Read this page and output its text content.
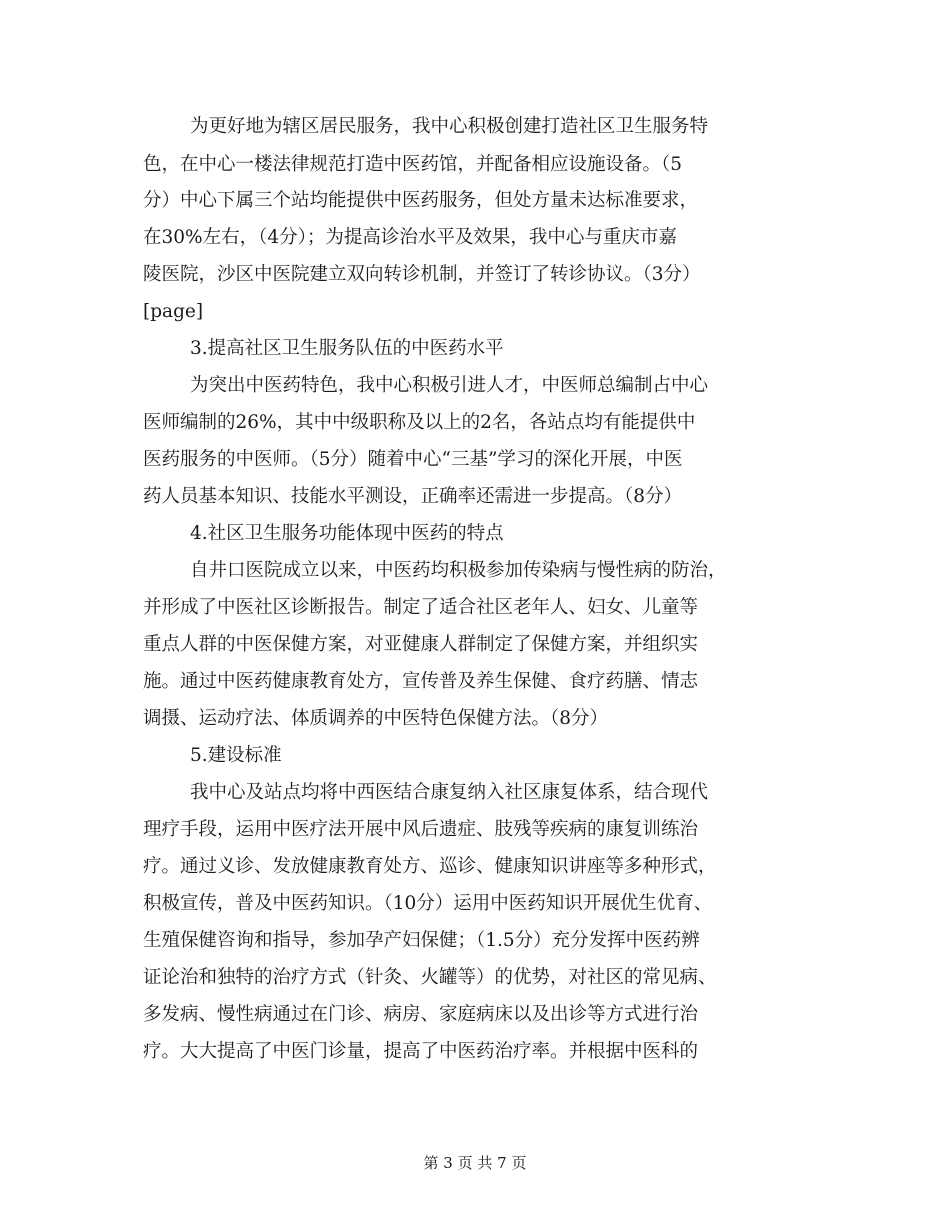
为更好地为辖区居民服务，我中心积极创建打造社区卫生服务特
色，在中心一楼法律规范打造中医药馆，并配备相应设施设备。（5
分）中心下属三个站均能提供中医药服务，但处方量未达标准要求，
在30%左右，（4分）；为提高诊治水平及效果，我中心与重庆市嘉
陵医院，沙区中医院建立双向转诊机制，并签订了转诊协议。（3分）
[page]
3.提高社区卫生服务队伍的中医药水平
为突出中医药特色，我中心积极引进人才，中医师总编制占中心
医师编制的26%，其中中级职称及以上的2名，各站点均有能提供中
医药服务的中医师。（5分）随着中心“三基”学习的深化开展，中医
药人员基本知识、技能水平测设，正确率还需进一步提高。（8分）
4.社区卫生服务功能体现中医药的特点
自井口医院成立以来，中医药均积极参加传染病与慢性病的防治，
并形成了中医社区诊断报告。制定了适合社区老年人、妇女、儿童等
重点人群的中医保健方案，对亚健康人群制定了保健方案，并组织实
施。通过中医药健康教育处方，宣传普及养生保健、食疗药膳、情志
调摄、运动疗法、体质调养的中医特色保健方法。（8分）
5.建设标准
我中心及站点均将中西医结合康复纳入社区康复体系，结合现代
理疗手段，运用中医疗法开展中风后遗症、肢残等疾病的康复训练治
疗。通过义诊、发放健康教育处方、巡诊、健康知识讲座等多种形式，
积极宣传，普及中医药知识。（10分）运用中医药知识开展优生优育、
生殖保健咨询和指导，参加孕产妇保健；（1.5分）充分发挥中医药辨
证论治和独特的治疗方式（针灸、火罐等）的优势，对社区的常见病、
多发病、慢性病通过在门诊、病房、家庭病床以及出诊等方式进行治
疗。大大提高了中医门诊量，提高了中医药治疗率。并根据中医科的
第 3 页 共 7 页
